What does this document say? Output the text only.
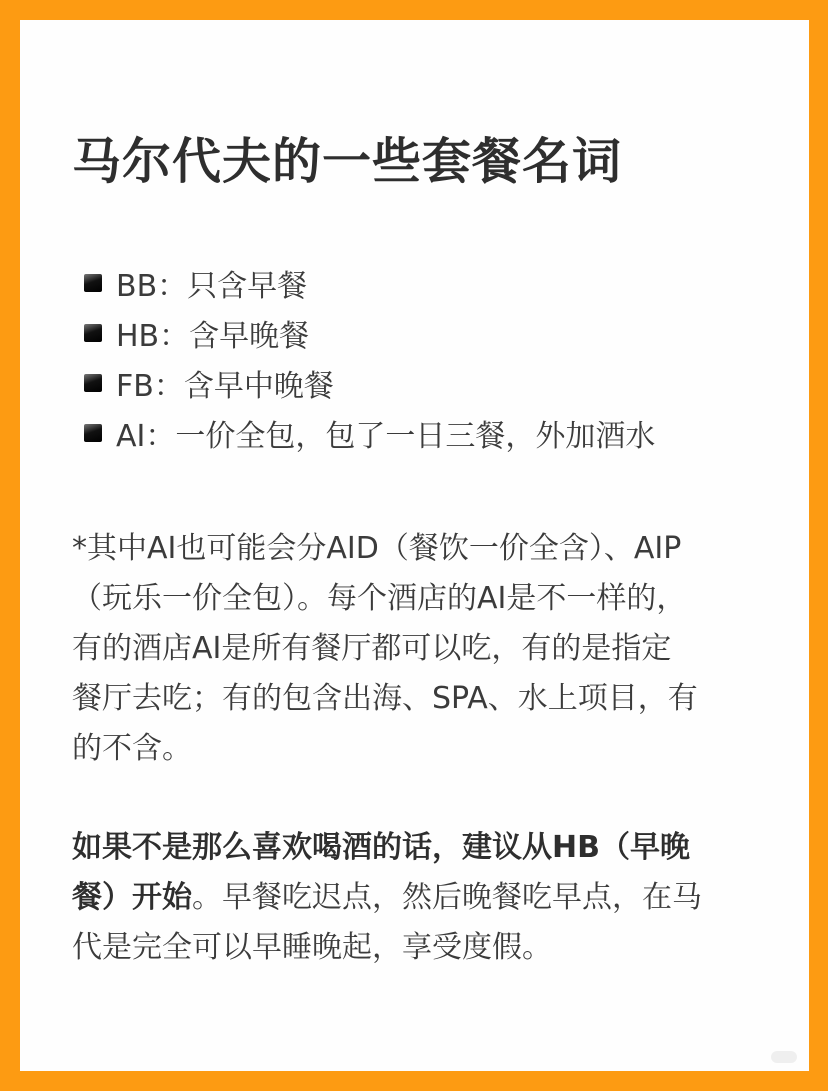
马尔代夫的一些套餐名词
BB：只含早餐
HB：含早晚餐
FB：含早中晚餐
AI：一价全包，包了一日三餐，外加酒水
*其中AI也可能会分AID（餐饮一价全含）、AIP
（玩乐一价全包）。每个酒店的AI是不一样的，
有的酒店AI是所有餐厅都可以吃，有的是指定
餐厅去吃；有的包含出海、SPA、水上项目，有
的不含。
如果不是那么喜欢喝酒的话，建议从HB（早晚
餐）开始。早餐吃迟点，然后晚餐吃早点，在马
代是完全可以早睡晚起，享受度假。
